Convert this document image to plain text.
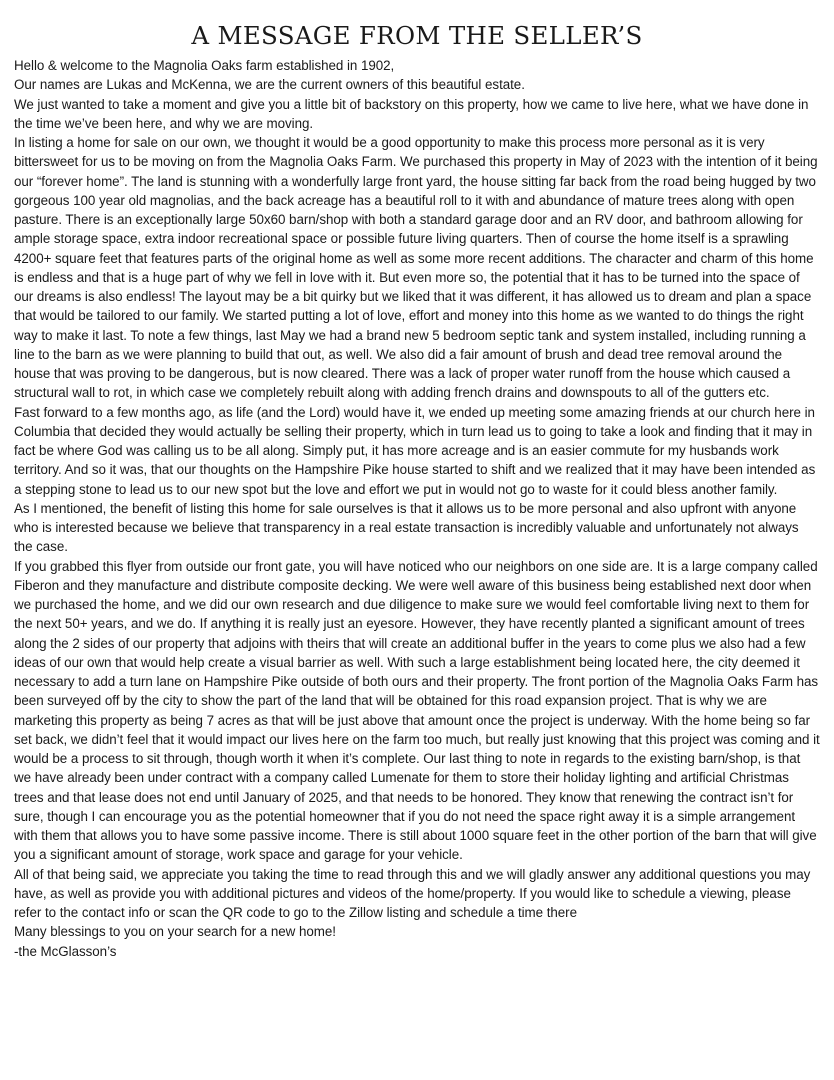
A MESSAGE FROM THE SELLER’S

Hello & welcome to the Magnolia Oaks farm established in 1902,

Our names are Lukas and McKenna, we are the current owners of this beautiful estate.

We just wanted to take a moment and give you a little bit of backstory on this property, how we came to live here, what we have done in the time we’ve been here, and why we are moving.

In listing a home for sale on our own, we thought it would be a good opportunity to make this process more personal as it is very bittersweet for us to be moving on from the Magnolia Oaks Farm. We purchased this property in May of 2023 with the intention of it being our “forever home”. The land is stunning with a wonderfully large front yard, the house sitting far back from the road being hugged by two gorgeous 100 year old magnolias, and the back acreage has a beautiful roll to it with and abundance of mature trees along with open pasture. There is an exceptionally large 50x60 barn/shop with both a standard garage door and an RV door, and bathroom allowing for ample storage space, extra indoor recreational space or possible future living quarters. Then of course the home itself is a sprawling 4200+ square feet that features parts of the original home as well as some more recent additions. The character and charm of this home is endless and that is a huge part of why we fell in love with it. But even more so, the potential that it has to be turned into the space of our dreams is also endless! The layout may be a bit quirky but we liked that it was different, it has allowed us to dream and plan a space that would be tailored to our family. We started putting a lot of love, effort and money into this home as we wanted to do things the right way to make it last. To note a few things, last May we had a brand new 5 bedroom septic tank and system installed, including running a line to the barn as we were planning to build that out, as well. We also did a fair amount of brush and dead tree removal around the house that was proving to be dangerous, but is now cleared. There was a lack of proper water runoff from the house which caused a structural wall to rot, in which case we completely rebuilt along with adding french drains and downspouts to all of the gutters etc.

Fast forward to a few months ago, as life (and the Lord) would have it, we ended up meeting some amazing friends at our church here in Columbia that decided they would actually be selling their property, which in turn lead us to going to take a look and finding that it may in fact be where God was calling us to be all along. Simply put, it has more acreage and is an easier commute for my husbands work territory. And so it was, that our thoughts on the Hampshire Pike house started to shift and we realized that it may have been intended as a stepping stone to lead us to our new spot but the love and effort we put in would not go to waste for it could bless another family.

As I mentioned, the benefit of listing this home for sale ourselves is that it allows us to be more personal and also upfront with anyone who is interested because we believe that transparency in a real estate transaction is incredibly valuable and unfortunately not always the case.

If you grabbed this flyer from outside our front gate, you will have noticed who our neighbors on one side are. It is a large company called Fiberon and they manufacture and distribute composite decking. We were well aware of this business being established next door when we purchased the home, and we did our own research and due diligence to make sure we would feel comfortable living next to them for the next 50+ years, and we do. If anything it is really just an eyesore. However, they have recently planted a significant amount of trees along the 2 sides of our property that adjoins with theirs that will create an additional buffer in the years to come plus we also had a few ideas of our own that would help create a visual barrier as well. With such a large establishment being located here, the city deemed it necessary to add a turn lane on Hampshire Pike outside of both ours and their property. The front portion of the Magnolia Oaks Farm has been surveyed off by the city to show the part of the land that will be obtained for this road expansion project. That is why we are marketing this property as being 7 acres as that will be just above that amount once the project is underway. With the home being so far set back, we didn’t feel that it would impact our lives here on the farm too much, but really just knowing that this project was coming and it would be a process to sit through, though worth it when it’s complete. Our last thing to note in regards to the existing barn/shop, is that we have already been under contract with a company called Lumenate for them to store their holiday lighting and artificial Christmas trees and that lease does not end until January of 2025, and that needs to be honored. They know that renewing the contract isn’t for sure, though I can encourage you as the potential homeowner that if you do not need the space right away it is a simple arrangement with them that allows you to have some passive income. There is still about 1000 square feet in the other portion of the barn that will give you a significant amount of storage, work space and garage for your vehicle.

All of that being said, we appreciate you taking the time to read through this and we will gladly answer any additional questions you may have, as well as provide you with additional pictures and videos of the home/property. If you would like to schedule a viewing, please refer to the contact info or scan the QR code to go to the Zillow listing and schedule a time there

Many blessings to you on your search for a new home!

-the McGlasson’s
